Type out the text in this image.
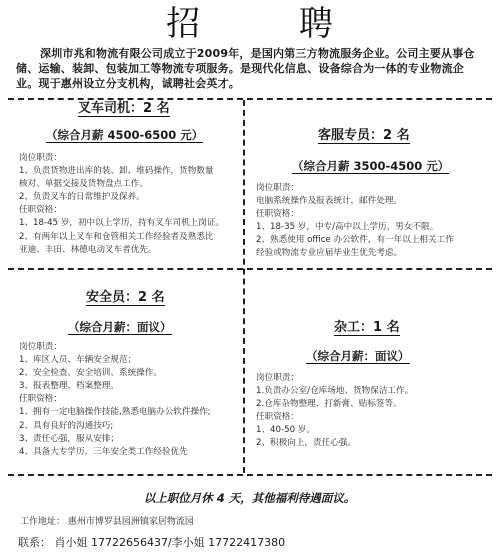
招 聘
深圳市兆和物流有限公司成立于2009年，是国内第三方物流服务企业。公司主要从事仓储、运输、装卸、包装加工等物流专项服务。是现代化信息、设备综合为一体的专业物流企业。现于惠州设立分支机构，诚聘社会英才。
叉车司机：2 名
（综合月薪 4500-6500 元）
岗位职责：
1、负责货物进出库的装、卸、堆码操作，货物数量
核对、单据交接及货物盘点工作。
2、负责叉车的日常维护及保养。
任职资格：
1、18-45 岁，初中以上学历，持有叉车司机上岗证。
2、有两年以上叉车和仓管相关工作经验者及熟悉比
亚迪、丰田、林德电动叉车者优先。
客服专员：2 名
（综合月薪 3500-4500 元）
岗位职责：
电脑系统操作及报表统计，邮件处理。
任职资格：
1、18-35 岁，中专/高中以上学历，男女不限。
2、熟悉使用 office 办公软件，有一年以上相关工作
经验或物流专业应届毕业生优先考虑。
安全员：2 名
（综合月薪：面议）
岗位职责：
1、库区人员、车辆安全规范；
2、安全检查、安全培训、系统操作。
3、报表整理、档案整理。
任职资格：
1、拥有一定电脑操作技能,熟悉电脑办公软件操作;
2、具有良好的沟通技巧;
3、责任心强，服从安排；
4、具备大专学历，三年安全类工作经验优先
杂工：1 名
（综合月薪：面议）
岗位职责：
1.负责办公室/仓库场地、货物保洁工作。
2.仓库杂物整理、打新膏、贴标签等。
任职资格：
1、40-50 岁。
2、积极向上，责任心强。
以上职位月休 4 天，其他福利待遇面议。
工作地址： 惠州市博罗县园洲镇家居物流园
联系： 肖小姐 17722656437/李小姐 17722417380
